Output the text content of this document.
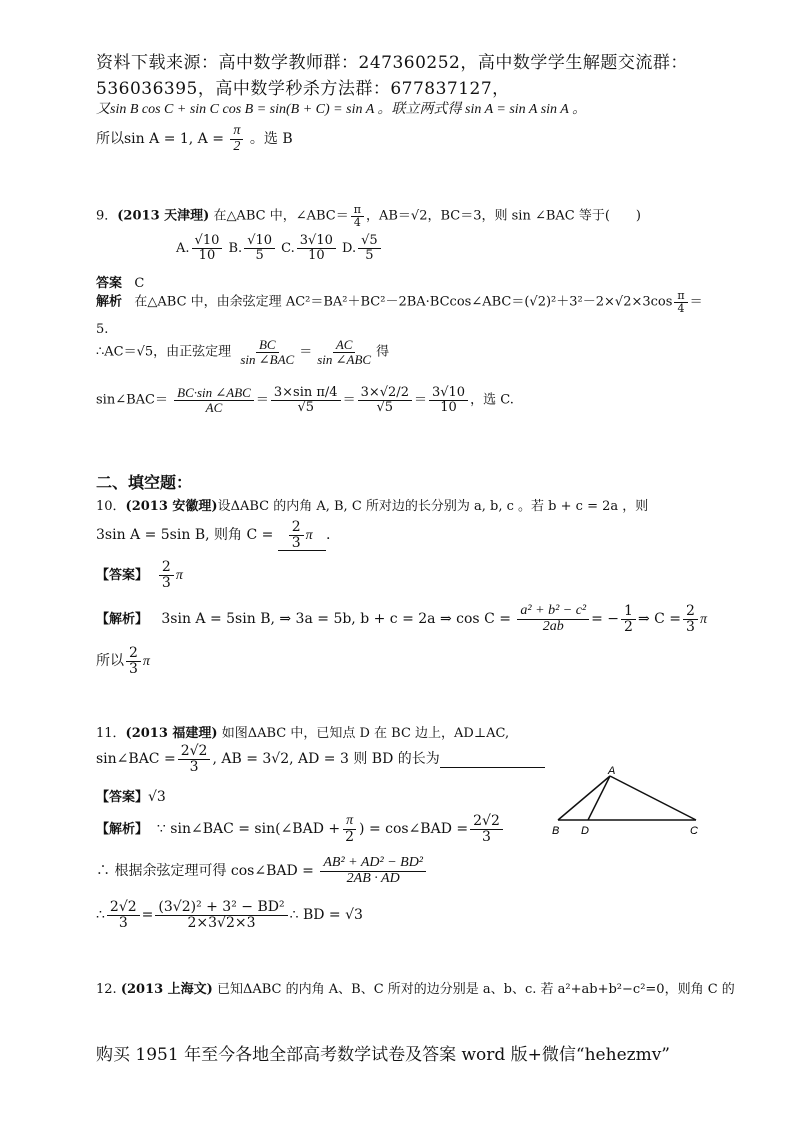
资料下载来源：高中数学教师群：247360252，高中数学学生解题交流群：
536036395，高中数学秒杀方法群：677837127，
又sin B cos C + sin C cos B = sin(B + C) = sin A 。联立两式得 sin A = sin A sin A 。
所以sin A = 1, $A = \frac{\pi}{2}$ 。选 B
9．(2013 天津理) 在△ABC 中，∠ABC＝ $\frac{\pi}{4}$ ，AB＝√2，BC＝3，则 sin ∠BAC 等于(　　)
A. $\frac{√10}{10} B$. $\frac{√10}{5} C$. $\frac{3√10}{10} D$. $\frac{√5}{5}$
答案 C
解析 在△ABC 中，由余弦定理 AC²＝BA²＋BC²－2BA·BCcos∠ABC＝(√2)²＋3²－2×√2×3cos $\frac{\pi}{4}$ ＝
5.
∴AC＝√5，由正弦定理 $\frac{BC}{\text{sin ∠BAC}} = \frac{AC}{\text{sin ∠ABC}}$ 得
sin∠BAC＝ $\frac{\text{BC·sin ∠ABC}}{AC} = \frac{\text{3×sin π/4}}{√5} = \frac{3\times√2/2}{√5} = \frac{3√10}{10}$ ，选 C.
二、填空题：
10．(2013 安徽理)设ΔABC 的内角 A, B, C 所对边的长分别为 a, b, c 。若 b + c = 2a ，则
3sin A = 5sin B, 则角 $C = \frac{2}{3}$ π .
【答案】 $\frac{2}{3}$ π
【解析】 3sin A = 5sin B, ⇒ 3a = 5b, b + c = 2a ⇒ $\cos C = \frac{\text{a² + b² − c²}}{2ab}$ = − $\frac{1}{2}$ ⇒ $C = \frac{2}{3}$ π
所以 $\frac{2}{3}$ π
11．(2013 福建理) 如图ΔABC 中，已知点 D 在 BC 边上，AD⊥AC,
sin∠BAC = $\frac{2√2}{3}$ , AB = 3√2, AD = 3 则 BD 的长为
【答案】√3
【解析】 ∵ sin∠BAC = sin(∠BAD + $\frac{\pi}{2}$ ) = cos∠BAD = $\frac{2√2}{3}$
∴ 根据余弦定理可得 cos∠BAD = $\frac{\text{AB² + AD² − BD²}}{2AB \cdot AD}$
∴ $\frac{2√2}{3} = \frac{\text{(3√2)² + 3² − BD²}}{2\times 3√2\times 3}$ ∴ BD = √3
A
B D	C
12. (2013 上海文) 已知ΔABC 的内角 A、B、C 所对的边分别是 a、b、c. 若 a²+ab+b²−c²=0，则角 C 的
购买 1951 年至今各地全部高考数学试卷及答案 word 版+微信“hehezmv”
